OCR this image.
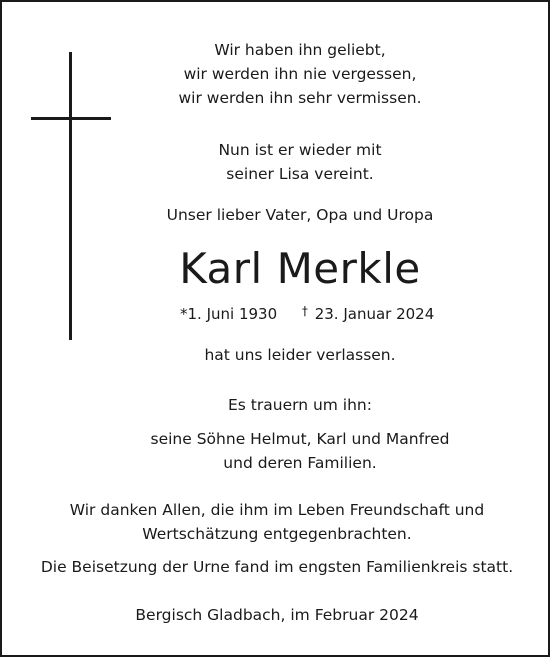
Wir haben ihn geliebt,
wir werden ihn nie vergessen,
wir werden ihn sehr vermissen.
Nun ist er wieder mit
seiner Lisa vereint.
Unser lieber Vater, Opa und Uropa
Karl Merkle
*1. Juni 1930 † 23. Januar 2024
hat uns leider verlassen.
Es trauern um ihn:
seine Söhne Helmut, Karl und Manfred
und deren Familien.
Wir danken Allen, die ihm im Leben Freundschaft und
Wertschätzung entgegenbrachten.
Die Beisetzung der Urne fand im engsten Familienkreis statt.
Bergisch Gladbach, im Februar 2024
